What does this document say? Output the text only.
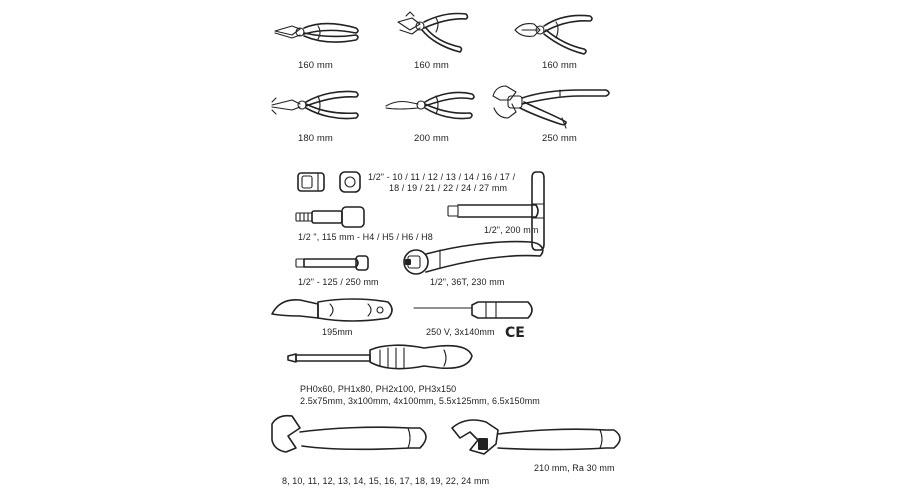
CE
160 mm	160 mm	160 mm
180 mm	200 mm	250 mm
1/2" - 10 / 11 / 12 / 13 / 14 / 16 / 17 /
18 / 19 / 21 / 22 / 24 / 27 mm
1/2 ", 115 mm - H4 / H5 / H6 / H8
1/2", 200 mm
1/2" - 125 / 250 mm	1/2", 36T, 230 mm
195mm	250 V, 3x140mm
PH0x60, PH1x80, PH2x100, PH3x150
2.5x75mm, 3x100mm, 4x100mm, 5.5x125mm, 6.5x150mm
8, 10, 11, 12, 13, 14, 15, 16, 17, 18, 19, 22, 24 mm
210 mm, Ra 30 mm
